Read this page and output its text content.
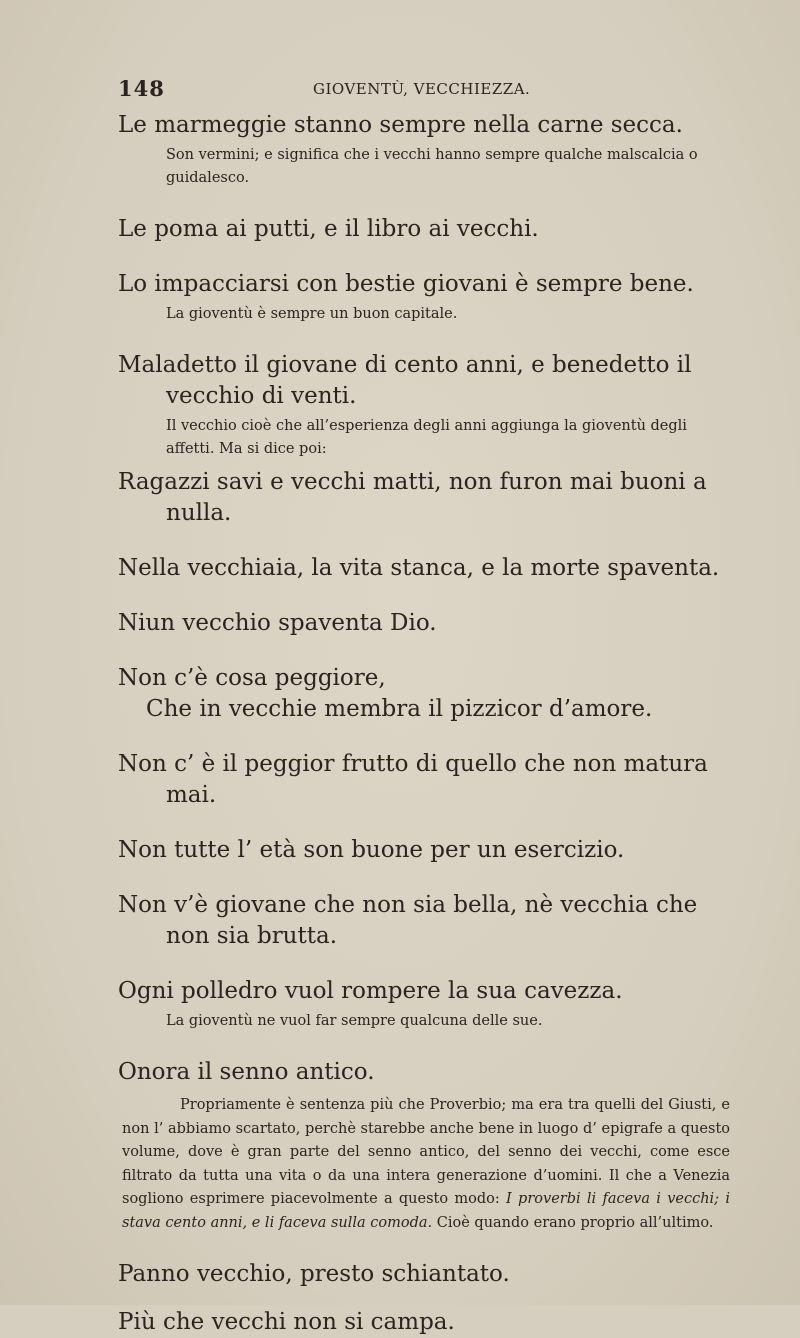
148	GIOVENTÙ, VECCHIEZZA.

Le marmeggie stanno sempre nella carne secca.

Son vermini; e significa che i vecchi hanno sempre qualche malscalcia o guidalesco.

Le poma ai putti, e il libro ai vecchi.

Lo impacciarsi con bestie giovani è sempre bene.

La gioventù è sempre un buon capitale.

Maladetto il giovane di cento anni, e benedetto il vecchio di venti.

Il vecchio cioè che all’esperienza degli anni aggiunga la gioventù degli affetti. Ma si dice poi:

Ragazzi savi e vecchi matti, non furon mai buoni a nulla.

Nella vecchiaia, la vita stanca, e la morte spaventa.

Niun vecchio spaventa Dio.

Non c’è cosa peggiore,

Che in vecchie membra il pizzicor d’amore.

Non c’ è il peggior frutto di quello che non matura mai.

Non tutte l’ età son buone per un esercizio.

Non v’è giovane che non sia bella, nè vecchia che non sia brutta.

Ogni polledro vuol rompere la sua cavezza.

La gioventù ne vuol far sempre qualcuna delle sue.

Onora il senno antico.

Propriamente è sentenza più che Proverbio; ma era tra quelli del Giusti, e non l’ abbiamo scartato, perchè starebbe anche bene in luogo d’ epigrafe a questo volume, dove è gran parte del senno antico, del senno dei vecchi, come esce filtrato da tutta una vita o da una intera generazione d’uomini. Il che a Venezia sogliono esprimere piacevolmente a questo modo: I proverbi li faceva i vecchi; i stava cento anni, e li faceva sulla comoda. Cioè quando erano proprio all’ultimo.

Panno vecchio, presto schiantato.

Più che vecchi non si campa.
